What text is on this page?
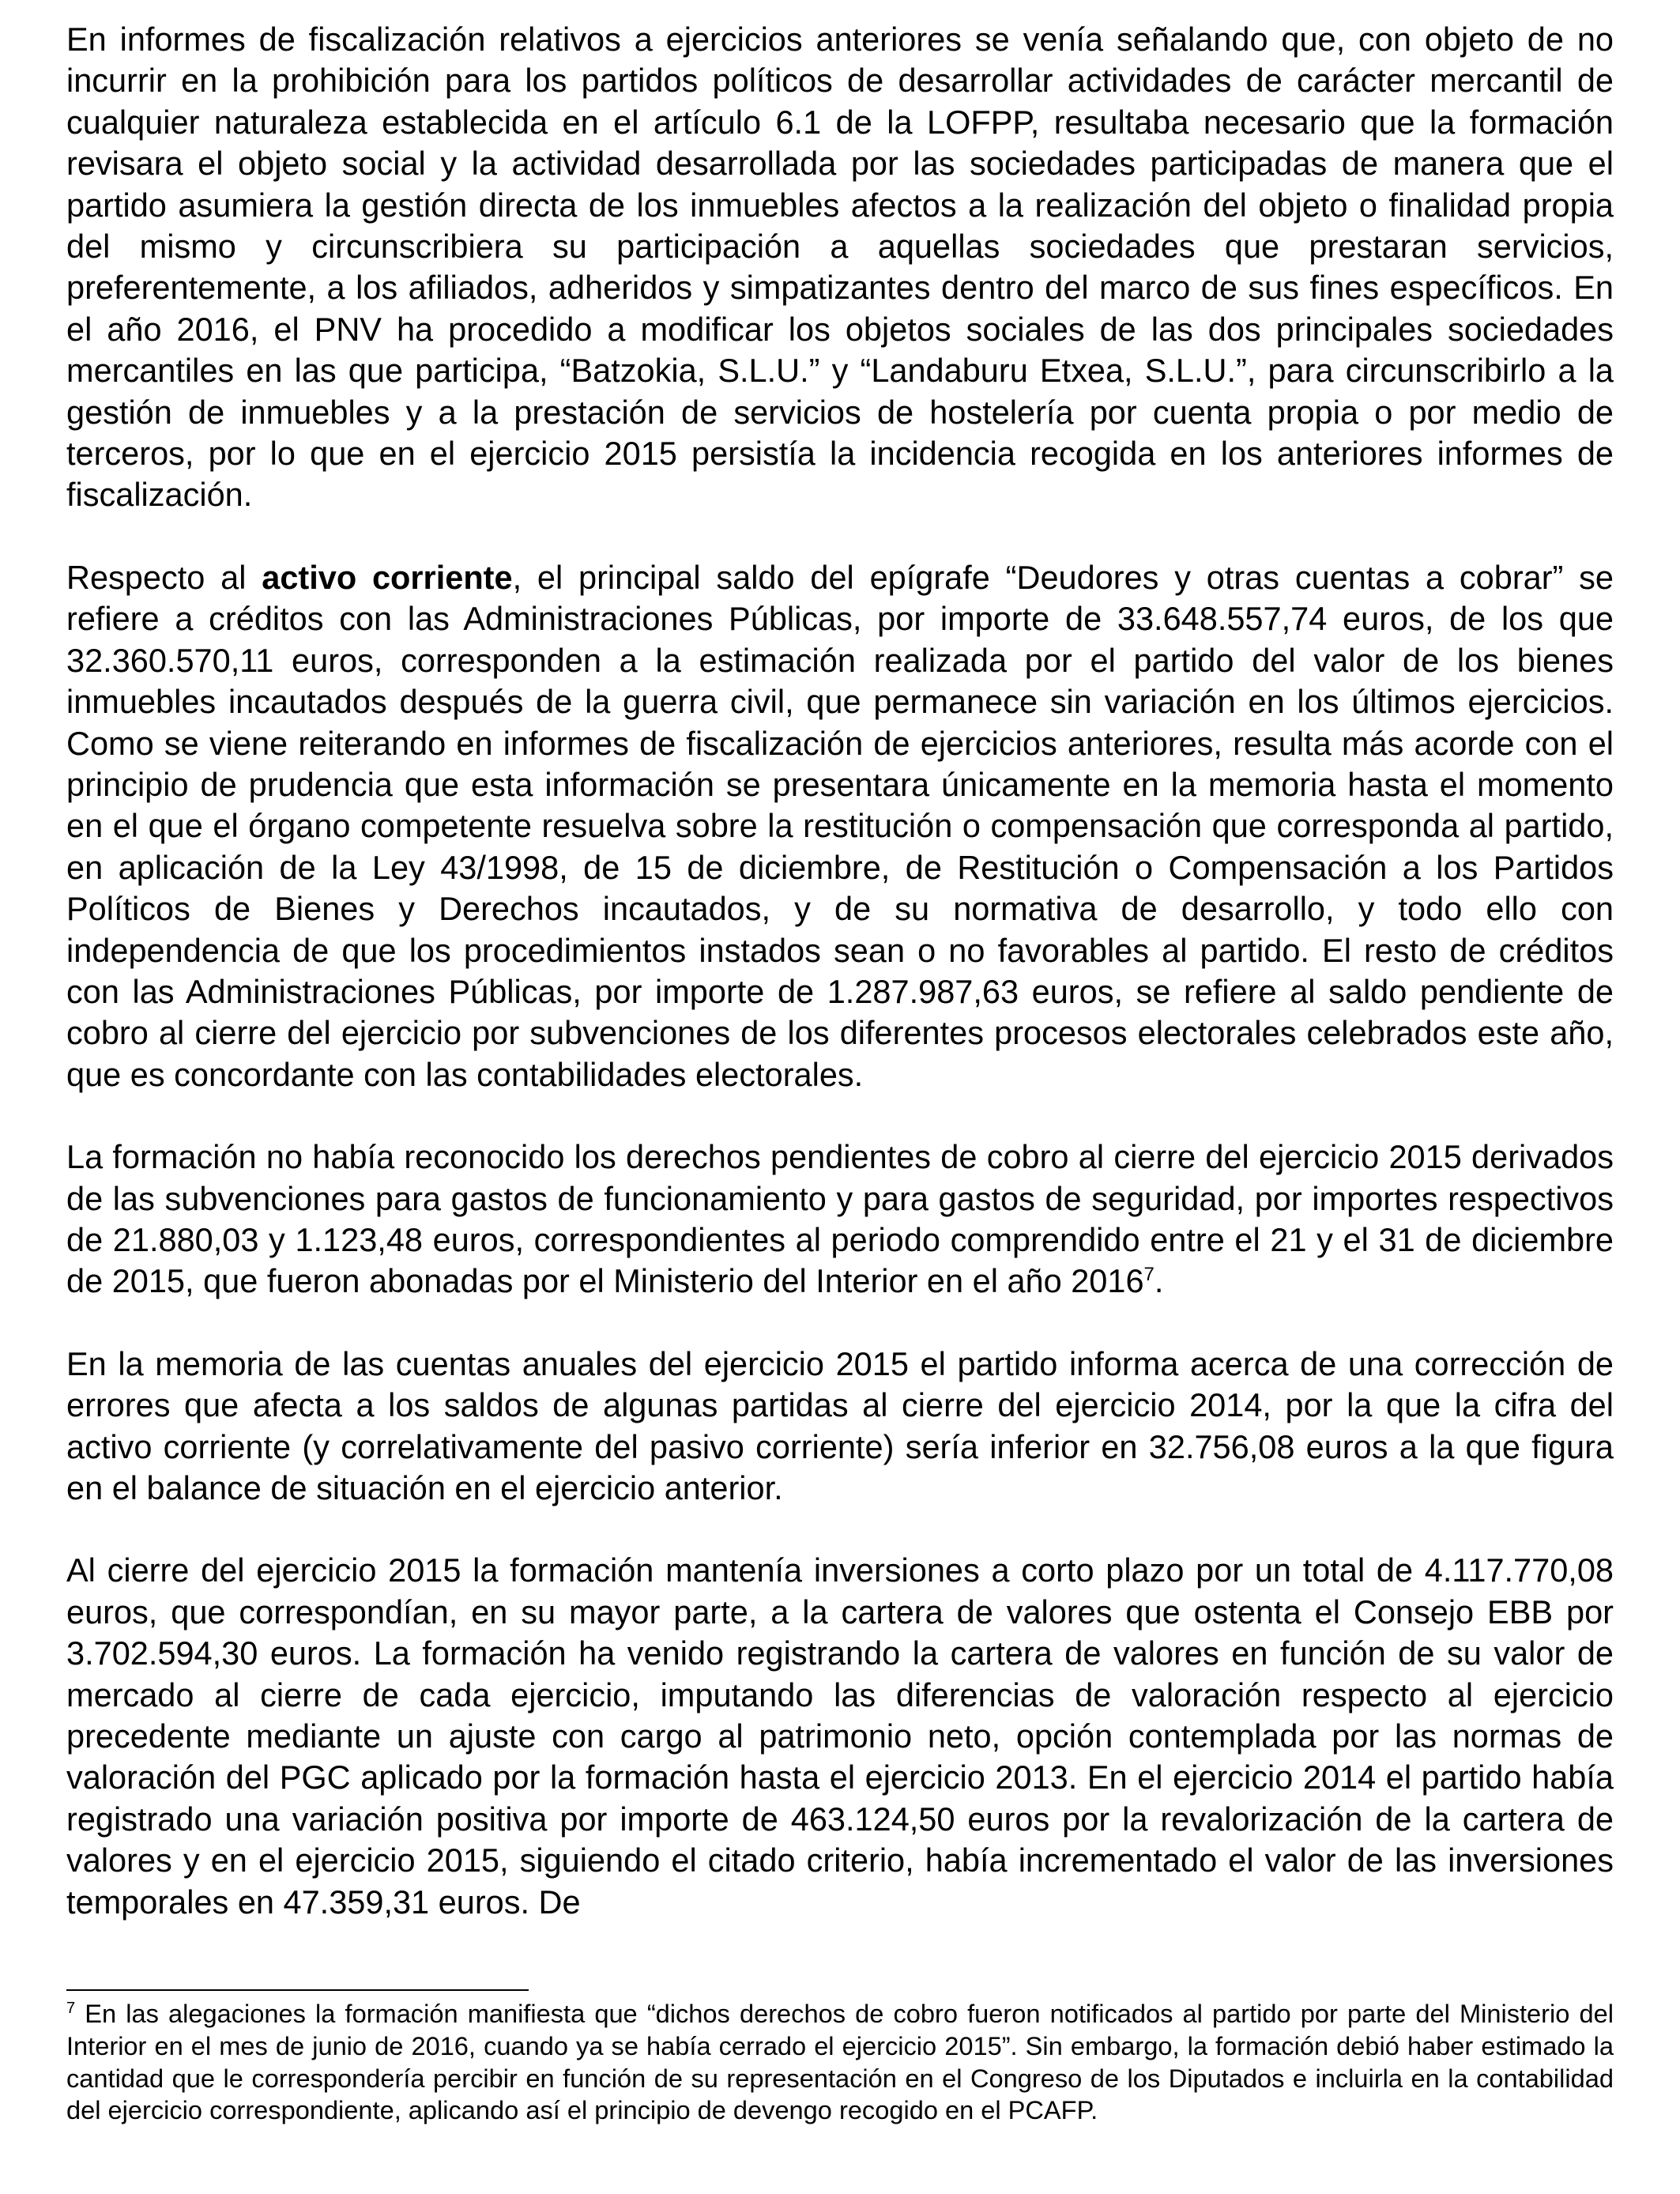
En informes de fiscalización relativos a ejercicios anteriores se venía señalando que, con objeto de no incurrir en la prohibición para los partidos políticos de desarrollar actividades de carácter mercantil de cualquier naturaleza establecida en el artículo 6.1 de la LOFPP, resultaba necesario que la formación revisara el objeto social y la actividad desarrollada por las sociedades participadas de manera que el partido asumiera la gestión directa de los inmuebles afectos a la realización del objeto o finalidad propia del mismo y circunscribiera su participación a aquellas sociedades que prestaran servicios, preferentemente, a los afiliados, adheridos y simpatizantes dentro del marco de sus fines específicos. En el año 2016, el PNV ha procedido a modificar los objetos sociales de las dos principales sociedades mercantiles en las que participa, “Batzokia, S.L.U.” y “Landaburu Etxea, S.L.U.”, para circunscribirlo a la gestión de inmuebles y a la prestación de servicios de hostelería por cuenta propia o por medio de terceros, por lo que en el ejercicio 2015 persistía la incidencia recogida en los anteriores informes de fiscalización.

Respecto al activo corriente, el principal saldo del epígrafe “Deudores y otras cuentas a cobrar” se refiere a créditos con las Administraciones Públicas, por importe de 33.648.557,74 euros, de los que 32.360.570,11 euros, corresponden a la estimación realizada por el partido del valor de los bienes inmuebles incautados después de la guerra civil, que permanece sin variación en los últimos ejercicios. Como se viene reiterando en informes de fiscalización de ejercicios anteriores, resulta más acorde con el principio de prudencia que esta información se presentara únicamente en la memoria hasta el momento en el que el órgano competente resuelva sobre la restitución o compensación que corresponda al partido, en aplicación de la Ley 43/1998, de 15 de diciembre, de Restitución o Compensación a los Partidos Políticos de Bienes y Derechos incautados, y de su normativa de desarrollo, y todo ello con independencia de que los procedimientos instados sean o no favorables al partido. El resto de créditos con las Administraciones Públicas, por importe de 1.287.987,63 euros, se refiere al saldo pendiente de cobro al cierre del ejercicio por subvenciones de los diferentes procesos electorales celebrados este año, que es concordante con las contabilidades electorales.

La formación no había reconocido los derechos pendientes de cobro al cierre del ejercicio 2015 derivados de las subvenciones para gastos de funcionamiento y para gastos de seguridad, por importes respectivos de 21.880,03 y 1.123,48 euros, correspondientes al periodo comprendido entre el 21 y el 31 de diciembre de 2015, que fueron abonadas por el Ministerio del Interior en el año 2016$^7$.

En la memoria de las cuentas anuales del ejercicio 2015 el partido informa acerca de una corrección de errores que afecta a los saldos de algunas partidas al cierre del ejercicio 2014, por la que la cifra del activo corriente (y correlativamente del pasivo corriente) sería inferior en 32.756,08 euros a la que figura en el balance de situación en el ejercicio anterior.

Al cierre del ejercicio 2015 la formación mantenía inversiones a corto plazo por un total de 4.117.770,08 euros, que correspondían, en su mayor parte, a la cartera de valores que ostenta el Consejo EBB por 3.702.594,30 euros. La formación ha venido registrando la cartera de valores en función de su valor de mercado al cierre de cada ejercicio, imputando las diferencias de valoración respecto al ejercicio precedente mediante un ajuste con cargo al patrimonio neto, opción contemplada por las normas de valoración del PGC aplicado por la formación hasta el ejercicio 2013. En el ejercicio 2014 el partido había registrado una variación positiva por importe de 463.124,50 euros por la revalorización de la cartera de valores y en el ejercicio 2015, siguiendo el citado criterio, había incrementado el valor de las inversiones temporales en 47.359,31 euros. De

$^7$ En las alegaciones la formación manifiesta que “dichos derechos de cobro fueron notificados al partido por parte del Ministerio del Interior en el mes de junio de 2016, cuando ya se había cerrado el ejercicio 2015”. Sin embargo, la formación debió haber estimado la cantidad que le correspondería percibir en función de su representación en el Congreso de los Diputados e incluirla en la contabilidad del ejercicio correspondiente, aplicando así el principio de devengo recogido en el PCAFP.
